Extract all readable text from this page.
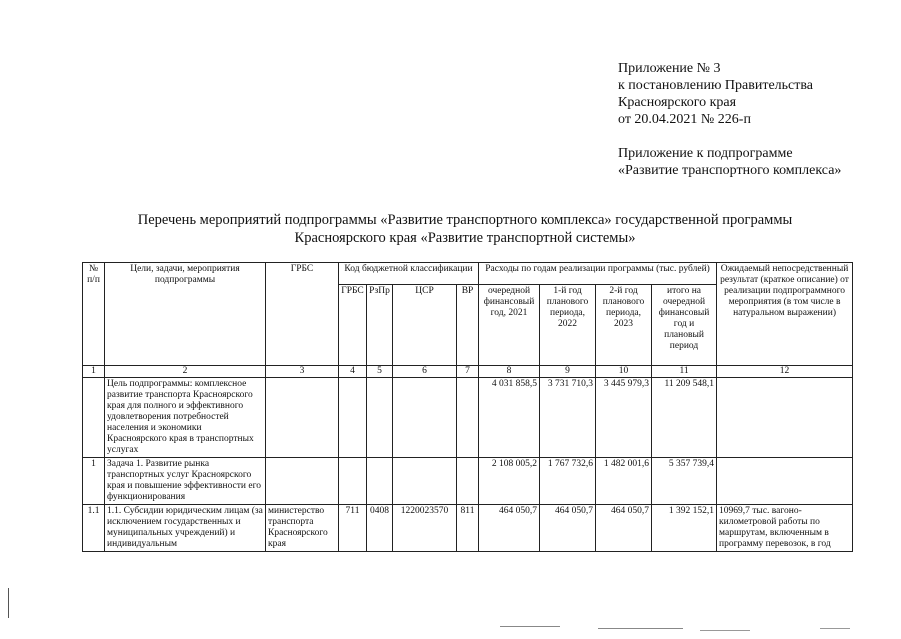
Приложение № 3
к постановлению Правительства
Красноярского края
от 20.04.2021 № 226-п
Приложение к подпрограмме
«Развитие транспортного комплекса»
Перечень мероприятий подпрограммы «Развитие транспортного комплекса» государственной программы
Красноярского края «Развитие транспортной системы»
№ п/п	Цели, задачи, мероприятия подпрограммы	ГРБС	Код бюджетной классификации				Расходы по годам реализации программы (тыс. рублей)				Ожидаемый непосредственный результат (краткое описание) от реализации подпрограммного мероприятия (в том числе в натуральном выражении)
			ГРБС	РзПр	ЦСР	ВР	очередной финансовый год, 2021	1-й год планового периода, 2022	2-й год планового периода, 2023	итого на очередной финансовый год и плановый период	
1	2	3	4	5	6	7	8	9	10	11	12
	Цель подпрограммы: комплексное развитие транспорта Красноярского края для полного и эффективного удовлетворения потребностей населения и экономики Красноярского края в транспортных услугах						4 031 858,5	3 731 710,3	3 445 979,3	11 209 548,1	
1	Задача 1. Развитие рынка транспортных услуг Красноярского края и повышение эффективности его функционирования						2 108 005,2	1 767 732,6	1 482 001,6	5 357 739,4	
1.1	1.1. Субсидии юридическим лицам (за исключением государственных и муниципальных учреждений) и индивидуальным	министерство транспорта Красноярского края	711	0408	1220023570	811	464 050,7	464 050,7	464 050,7	1 392 152,1	10969,7 тыс. вагоно-километровой работы по маршрутам, включенным в программу перевозок, в год
